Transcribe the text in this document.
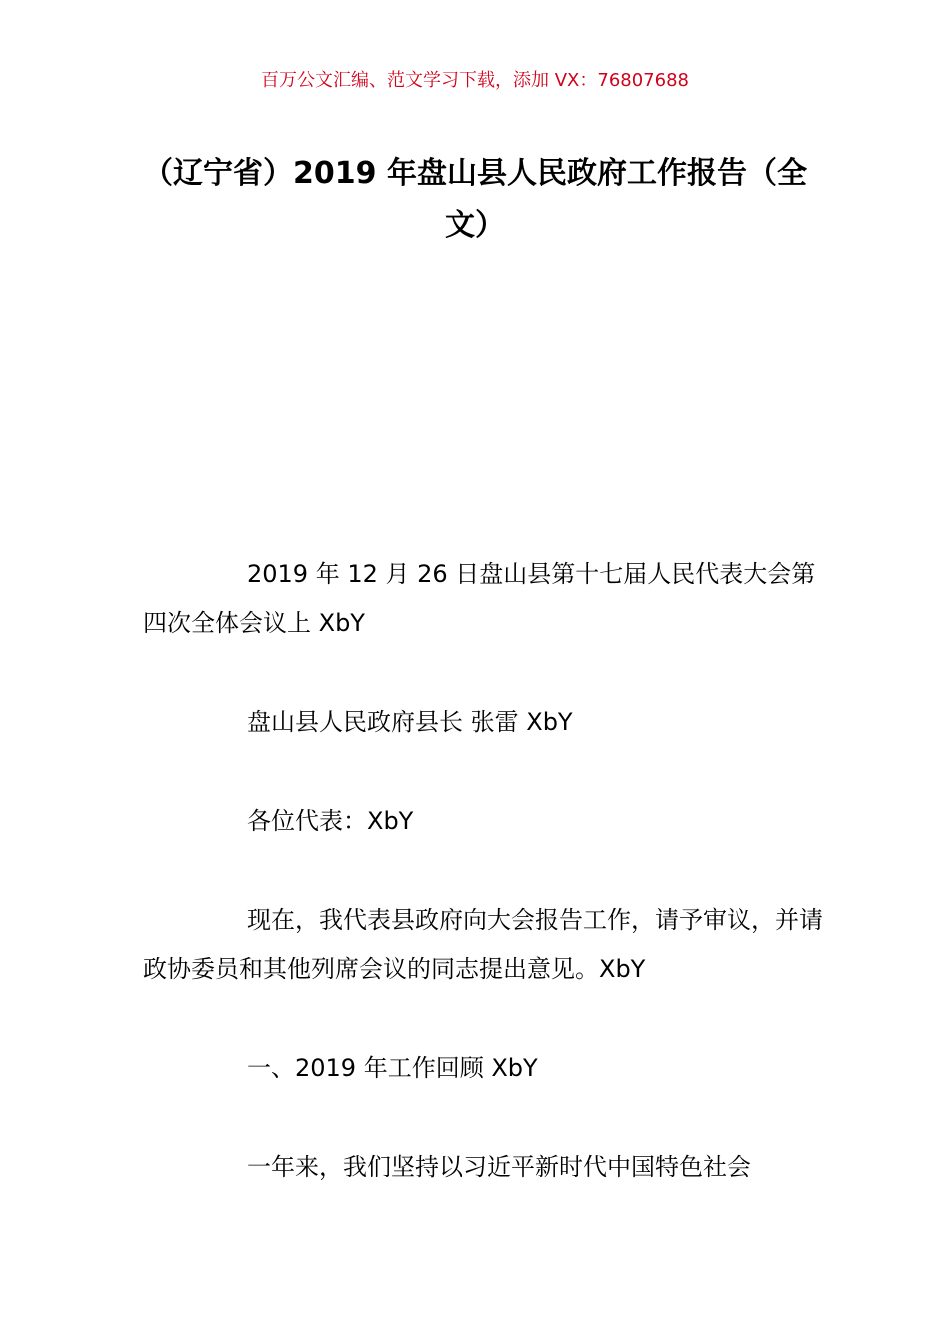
百万公文汇编、范文学习下载，添加 VX：76807688
（辽宁省）2019 年盘山县人民政府工作报告（全文）

2019 年 12 月 26 日盘山县第十七届人民代表大会第四次全体会议上 XbY

盘山县人民政府县长 张雷 XbY

各位代表：XbY

现在，我代表县政府向大会报告工作，请予审议，并请政协委员和其他列席会议的同志提出意见。XbY

一、2019 年工作回顾 XbY

一年来，我们坚持以习近平新时代中国特色社会
